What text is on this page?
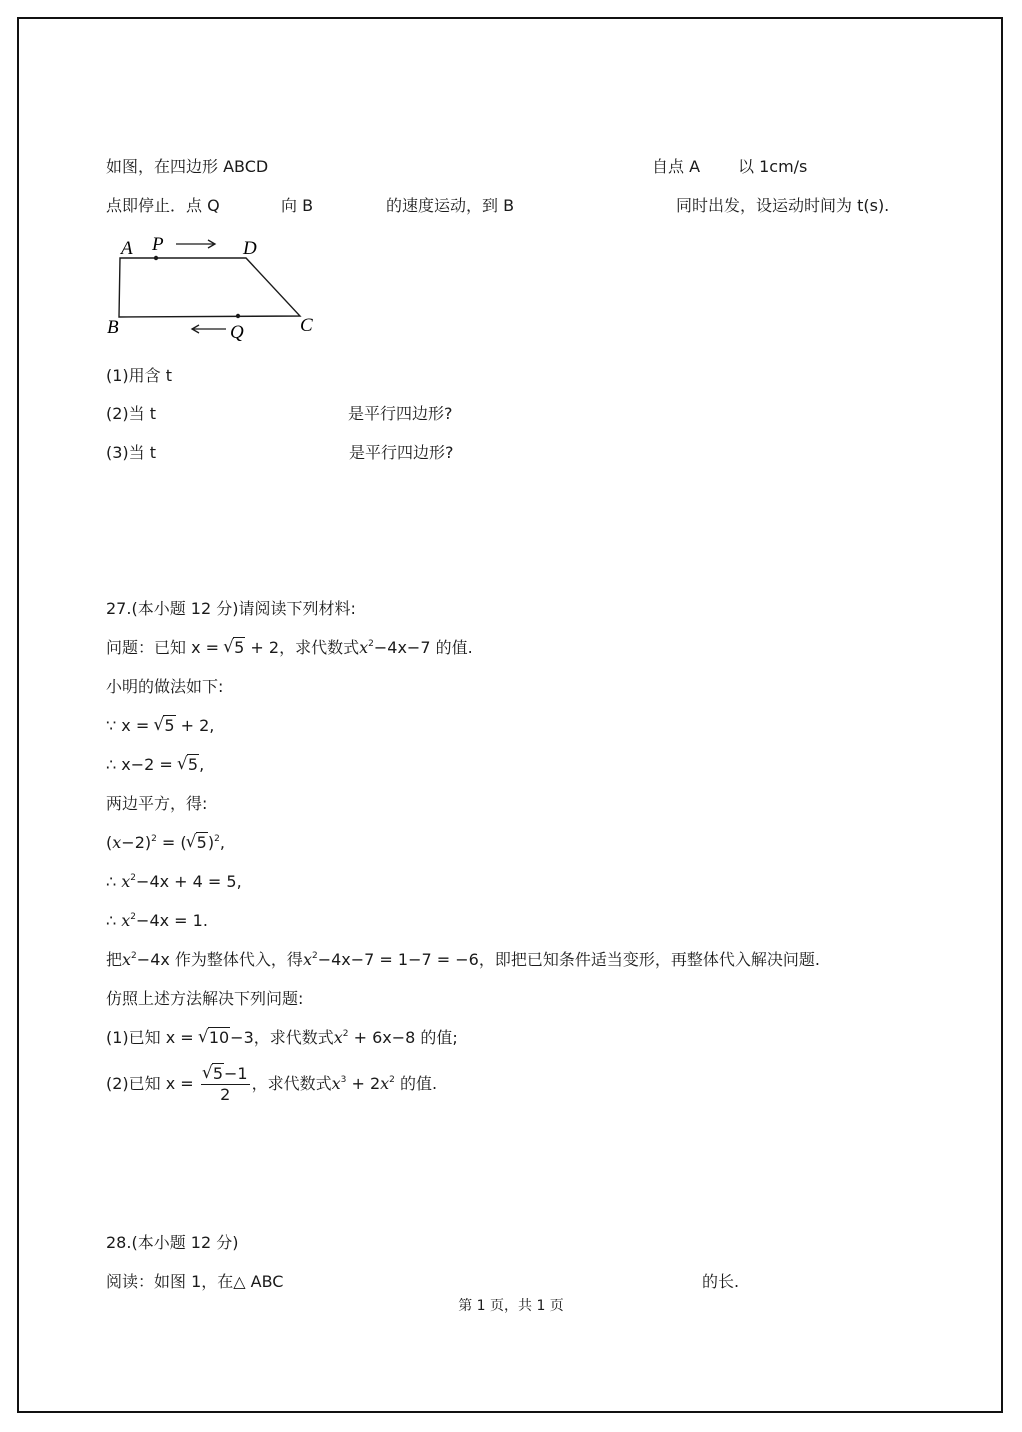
如图，在四边形 ABCD	自点 A 以 1cm/s
点即停止．点 Q	向 B	的速度运动，到 B	同时出发，设运动时间为 t(s).
A P	D
B	C
Q
(1)用含 t
(2)当 t	是平行四边形?
(3)当 t	是平行四边形?
27.(本小题 12 分)请阅读下列材料:
问题：已知 x = √ 5 + 2，求代数式$x^2-4x-7$ 的值.
小明的做法如下:
∵ x = √ 5 + 2,
∴ x−2 = √ 5,
两边平方，得:
$(x-2)^2$ = ( √ 5)$^2$,
∴ $x^2-4x + 4 = 5$,
∴ $x^2-4x = 1$.
把$x^2-4x$ 作为整体代入，得$x^2-4x-7 = 1-7 = -6$，即把已知条件适当变形，再整体代入解决问题.
仿照上述方法解决下列问题:
(1)已知 x = √ 10−3，求代数式$x^2 + 6x-8$ 的值;
(2)已知 x = √ $\frac{5-1}{2}$ ，求代数式$x^3 + 2x^2$ 的值.
28.(本小题 12 分)
阅读：如图 1，在△ ABC	的长.
第 1 页，共 1 页
